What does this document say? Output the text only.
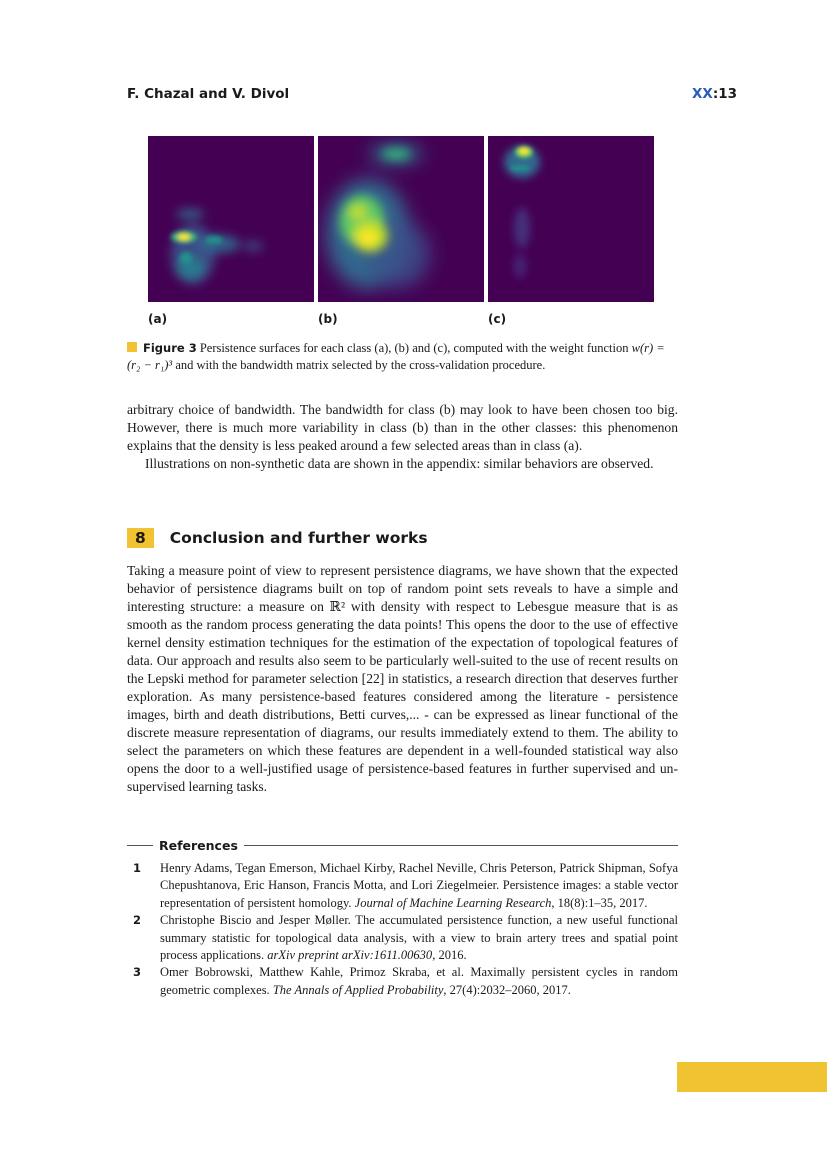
F. Chazal and V. Divol	XX:13
(a)	(b)	(c)
Figure 3 Persistence surfaces for each class (a), (b) and (c), computed with the weight function w(r) = (r₂ − r₁)³ and with the bandwidth matrix selected by the cross-validation procedure.

arbitrary choice of bandwidth. The bandwidth for class (b) may look to have been chosen too big. However, there is much more variability in class (b) than in the other classes: this phenomenon explains that the density is less peaked around a few selected areas than in class (a).

Illustrations on non-synthetic data are shown in the appendix: similar behaviors are observed.

8	Conclusion and further works

Taking a measure point of view to represent persistence diagrams, we have shown that the expected behavior of persistence diagrams built on top of random point sets reveals to have a simple and interesting structure: a measure on ℝ² with density with respect to Lebesgue measure that is as smooth as the random process generating the data points! This opens the door to the use of effective kernel density estimation techniques for the estimation of the expectation of topological features of data. Our approach and results also seem to be particularly well-suited to the use of recent results on the Lepski method for parameter selection [22] in statistics, a research direction that deserves further exploration. As many persistence-based features considered among the literature - persistence images, birth and death distributions, Betti curves,... - can be expressed as linear functional of the discrete measure representation of diagrams, our results immediately extend to them. The ability to select the parameters on which these features are dependent in a well-founded statistical way also opens the door to a well-justified usage of persistence-based features in further supervised and un-supervised learning tasks.

References
1	Henry Adams, Tegan Emerson, Michael Kirby, Rachel Neville, Chris Peterson, Patrick Shipman, Sofya Chepushtanova, Eric Hanson, Francis Motta, and Lori Ziegelmeier. Persistence images: a stable vector representation of persistent homology. Journal of Machine Learning Research, 18(8):1–35, 2017.
2	Christophe Biscio and Jesper Møller. The accumulated persistence function, a new useful functional summary statistic for topological data analysis, with a view to brain artery trees and spatial point process applications. arXiv preprint arXiv:1611.00630, 2016.
3	Omer Bobrowski, Matthew Kahle, Primoz Skraba, et al. Maximally persistent cycles in random geometric complexes. The Annals of Applied Probability, 27(4):2032–2060, 2017.
